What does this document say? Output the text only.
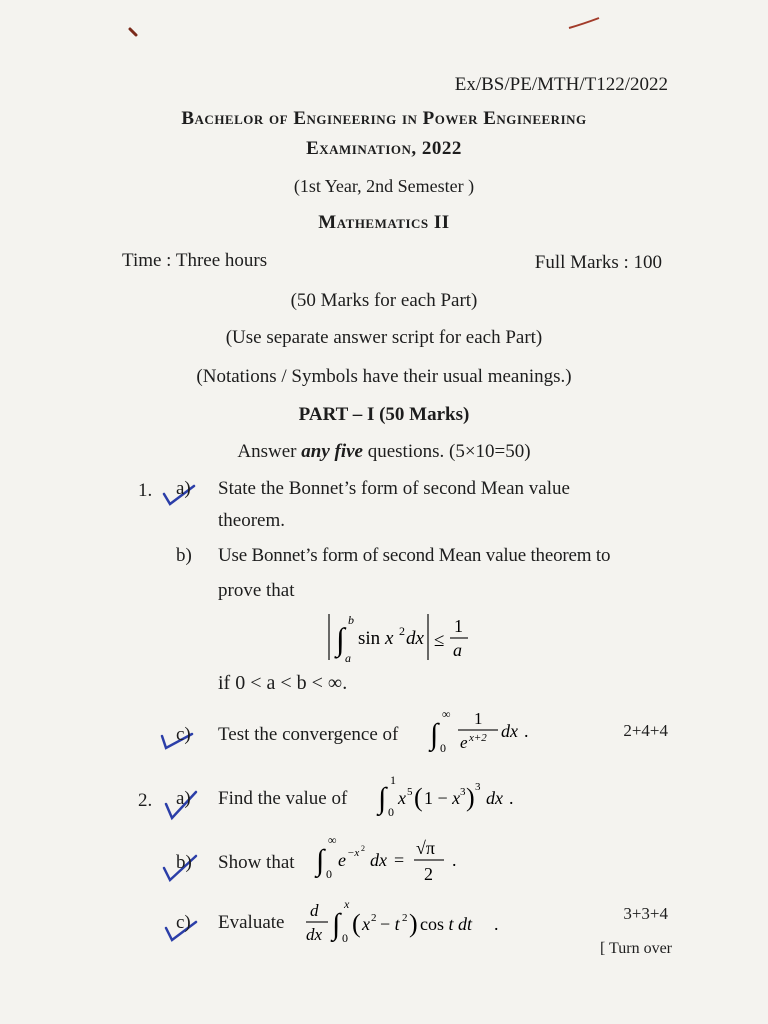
Ex/BS/PE/MTH/T122/2022
Bachelor of Engineering in Power Engineering
Examination, 2022
(1st Year, 2nd Semester )
Mathematics II
Time : Three hours	Full Marks : 100
(50 Marks for each Part)
(Use separate answer script for each Part)
(Notations / Symbols have their usual meanings.)
PART – I (50 Marks)
Answer any five questions. (5×10=50)
1. a) State the Bonnet’s form of second Mean value
theorem.
b) Use Bonnet’s form of second Mean value theorem to
prove that
∫
b
a
sin x 2 dx ≤
1
a
if 0 < a < b < ∞.
c) Test the convergence of ∫
∞
0
1
e x+2 dx .	2+4+4
2. a) Find the value of ∫
1
0
x 5 ( 1 − x 3 ) 3
dx .
b) Show that ∫
∞
0
e −x 2
dx =
√π
2
.
c) Evaluate
d
dx ∫
x
0 ( x 2 − t 2 ) cos t dt .
3+3+4
[ Turn over
